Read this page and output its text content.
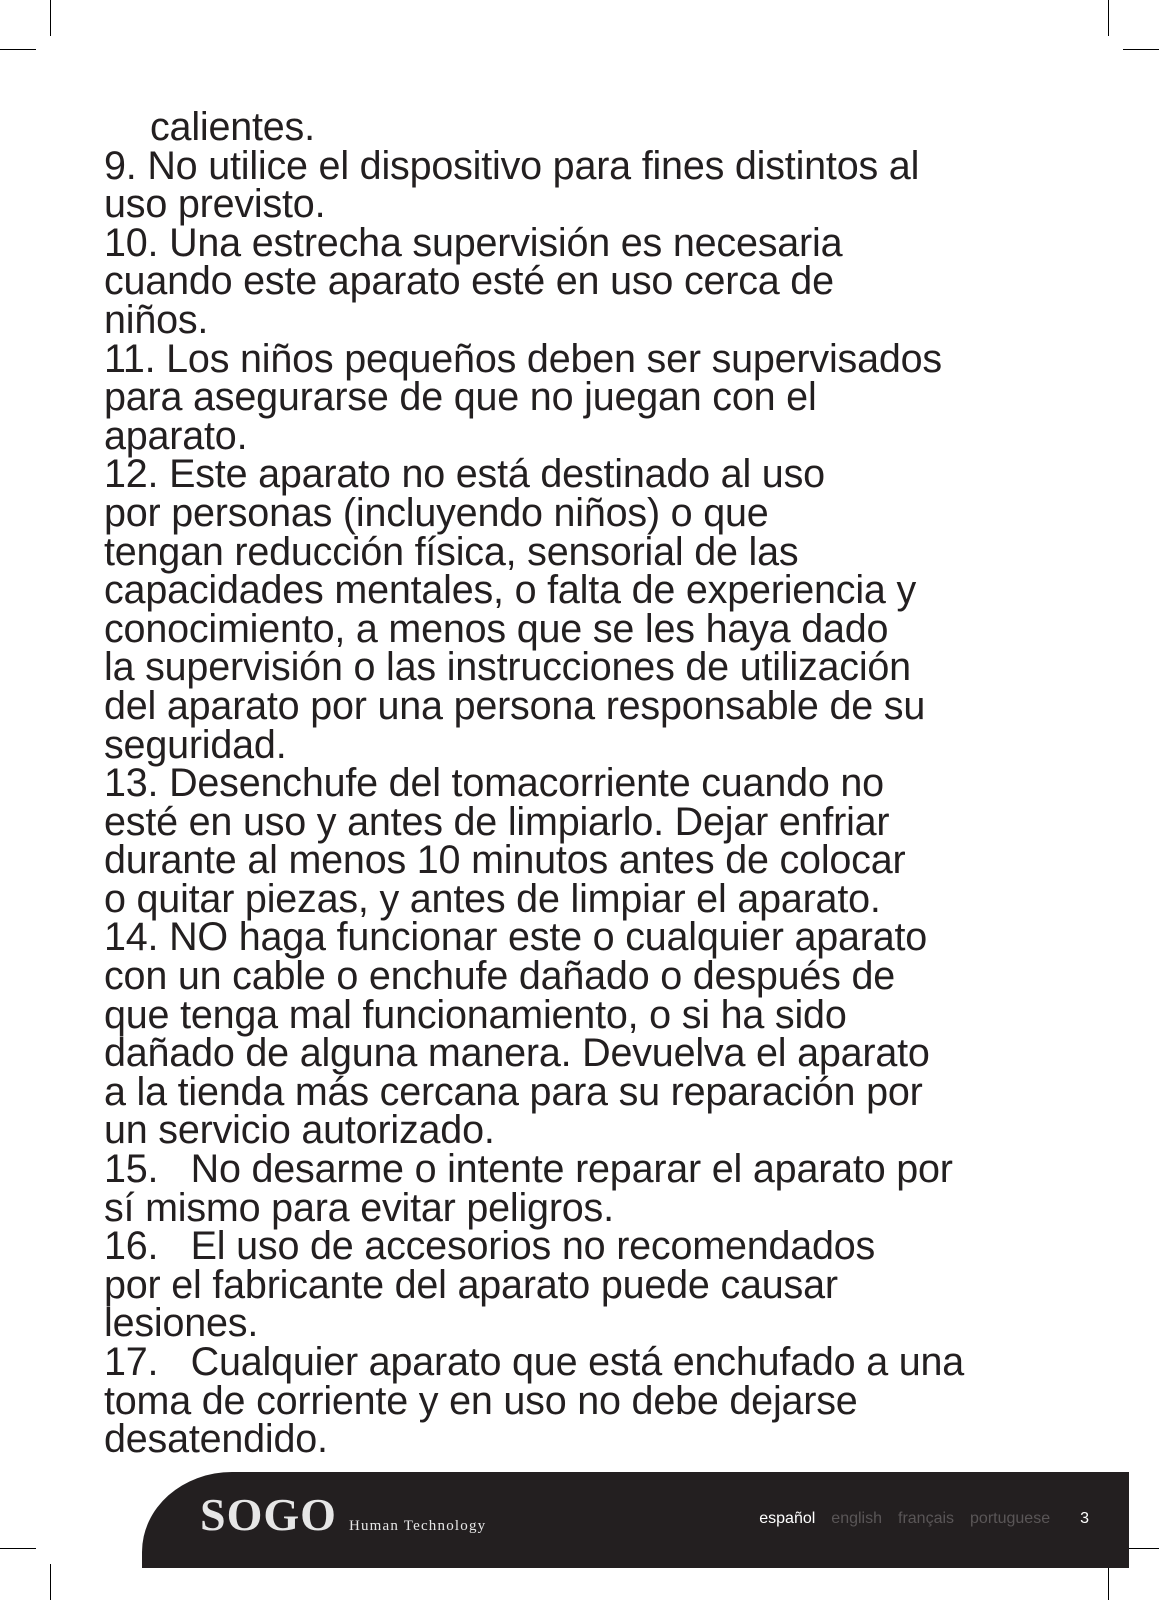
calientes.
9. No utilice el dispositivo para fines distintos al
uso previsto.
10. Una estrecha supervisión es necesaria
cuando este aparato esté en uso cerca de
niños.
11. Los niños pequeños deben ser supervisados
para asegurarse de que no juegan con el
aparato.
12. Este aparato no está destinado al uso
por personas (incluyendo niños) o que
tengan reducción física, sensorial de las
capacidades mentales, o falta de experiencia y
conocimiento, a menos que se les haya dado
la supervisión o las instrucciones de utilización
del aparato por una persona responsable de su
seguridad.
13. Desenchufe del tomacorriente cuando no
esté en uso y antes de limpiarlo. Dejar enfriar
durante al menos 10 minutos antes de colocar
o quitar piezas, y antes de limpiar el aparato.
14. NO haga funcionar este o cualquier aparato
con un cable o enchufe dañado o después de
que tenga mal funcionamiento, o si ha sido
dañado de alguna manera. Devuelva el aparato
a la tienda más cercana para su reparación por
un servicio autorizado.
15. No desarme o intente reparar el aparato por
sí mismo para evitar peligros.
16. El uso de accesorios no recomendados
por el fabricante del aparato puede causar
lesiones.
17. Cualquier aparato que está enchufado a una
toma de corriente y en uso no debe dejarse
desatendido.
SOGO Human Technology	español english français portuguese 3
